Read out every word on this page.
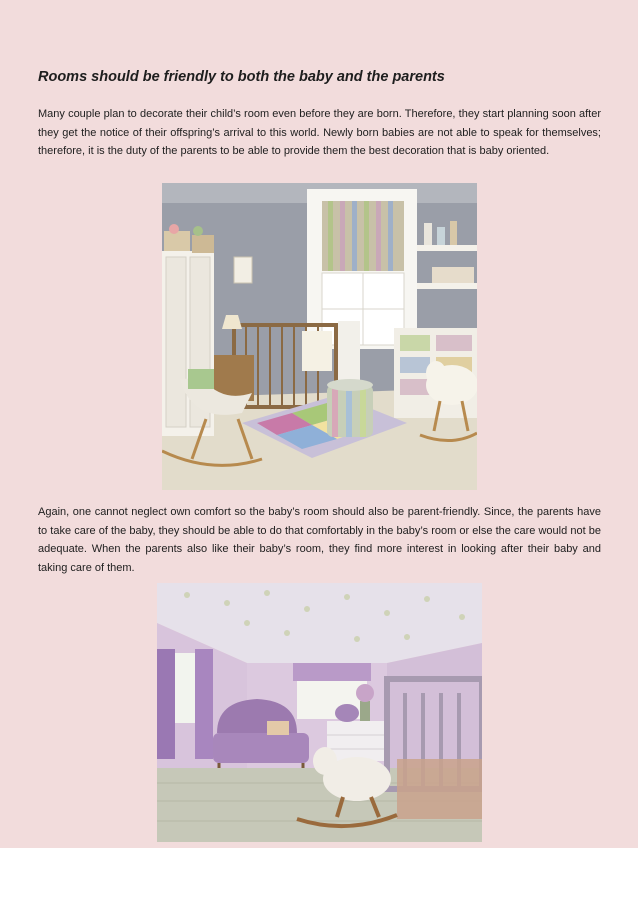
Rooms should be friendly to both the baby and the parents

Many couple plan to decorate their child’s room even before they are born. Therefore, they start planning soon after they get the notice of their offspring’s arrival to this world. Newly born babies are not able to speak for themselves; therefore, it is the duty of the parents to be able to provide them the best decoration that is baby oriented.

Again, one cannot neglect own comfort so the baby’s room should also be parent-friendly. Since, the parents have to take care of the baby, they should be able to do that comfortably in the baby’s room or else the care would not be adequate. When the parents also like their baby’s room, they find more interest in looking after their baby and taking care of them.
